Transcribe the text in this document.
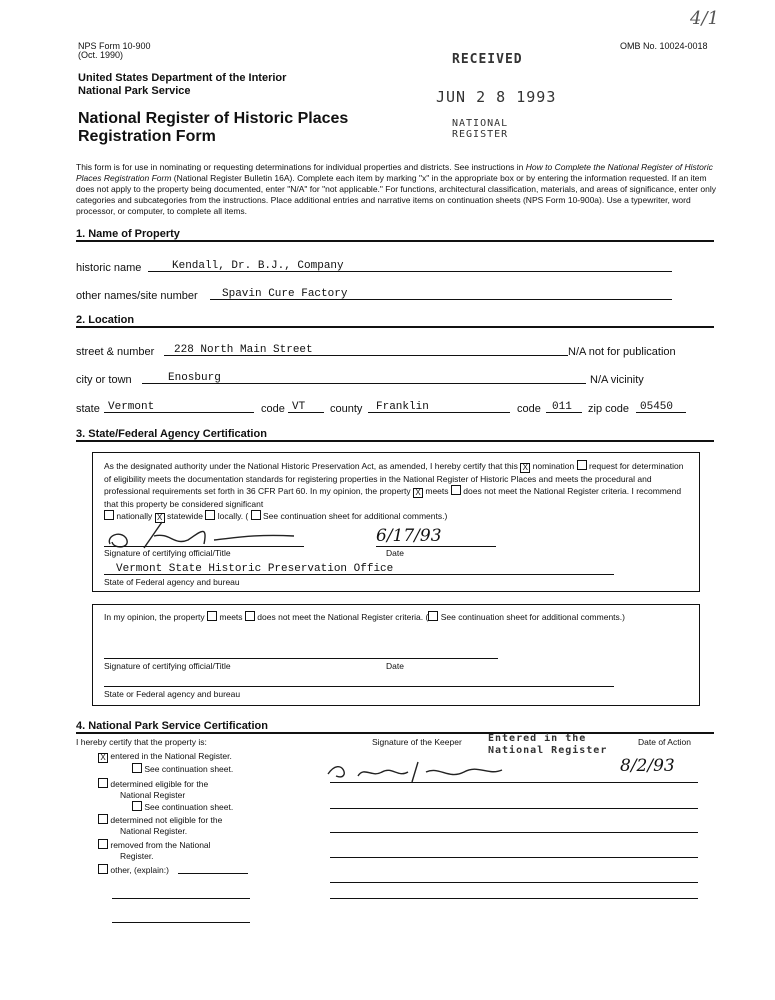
NPS Form 10-900
(Oct. 1990)
OMB No. 10024-0018
4/1
United States Department of the Interior
National Park Service
National Register of Historic Places
Registration Form
RECEIVED
JUN 2 8 1993
NATIONAL
REGISTER
This form is for use in nominating or requesting determinations for individual properties and districts. See instructions in How to Complete the National Register of Historic Places Registration Form (National Register Bulletin 16A). Complete each item by marking "x" in the appropriate box or by entering the information requested. If an item does not apply to the property being documented, enter "N/A" for "not applicable." For functions, architectural classification, materials, and areas of significance, enter only categories and subcategories from the instructions. Place additional entries and narrative items on continuation sheets (NPS Form 10-900a). Use a typewriter, word processor, or computer, to complete all items.
1. Name of Property
historic name	Kendall, Dr. B.J., Company
other names/site number	Spavin Cure Factory
2. Location
street & number	228 North Main Street	N/A not for publication
city or town	Enosburg	N/A vicinity
state Vermont	code VT	county	Franklin	code	011	zip code	05450
3. State/Federal Agency Certification
As the designated authority under the National Historic Preservation Act, as amended, I hereby certify that this X nomination request for determination of eligibility meets the documentation standards for registering properties in the National Register of Historic Places and meets the procedural and professional requirements set forth in 36 CFR Part 60. In my opinion, the property X meets does not meet the National Register criteria. I recommend that this property be considered significant
nationally X statewide locally. ( See continuation sheet for additional comments.)
6/17/93
Signature of certifying official/Title	Date
Vermont State Historic Preservation Office
State of Federal agency and bureau
In my opinion, the property meets does not meet the National Register criteria. ( See continuation sheet for additional comments.)
Signature of certifying official/Title	Date
State or Federal agency and bureau
4. National Park Service Certification
I hereby certify that the property is:	Signature of the Keeper	Date of Action
Entered in the
National Register
8/2/93
X entered in the National Register.
See continuation sheet.
determined eligible for the
National Register
See continuation sheet.
determined not eligible for the
National Register.
removed from the National
Register.
other, (explain:)
